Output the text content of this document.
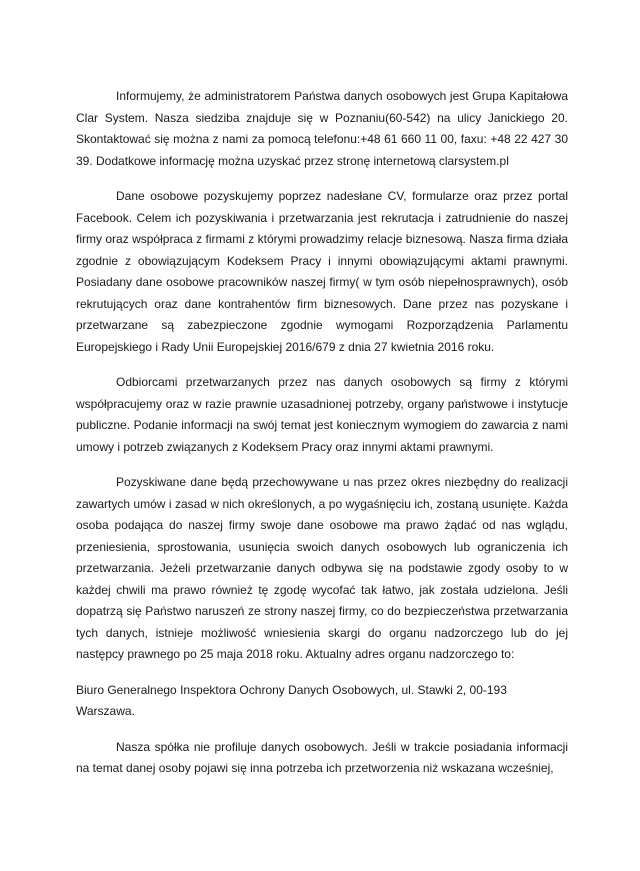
Informujemy, że administratorem Państwa danych osobowych jest Grupa Kapitałowa Clar System. Nasza siedziba znajduje się w Poznaniu(60-542) na ulicy Janickiego 20. Skontaktować się można z nami za pomocą telefonu:+48 61 660 11 00, faxu: +48 22 427 30 39. Dodatkowe informację można uzyskać przez stronę internetową clarsystem.pl

Dane osobowe pozyskujemy poprzez nadesłane CV, formularze oraz przez portal Facebook. Celem ich pozyskiwania i przetwarzania jest rekrutacja i zatrudnienie do naszej firmy oraz współpraca z firmami z którymi prowadzimy relacje biznesową. Nasza firma działa zgodnie z obowiązującym Kodeksem Pracy i innymi obowiązującymi aktami prawnymi. Posiadany dane osobowe pracowników naszej firmy( w tym osób niepełnosprawnych), osób rekrutujących oraz dane kontrahentów firm biznesowych. Dane przez nas pozyskane i przetwarzane są zabezpieczone zgodnie wymogami Rozporządzenia Parlamentu Europejskiego i Rady Unii Europejskiej 2016/679 z dnia 27 kwietnia 2016 roku.

Odbiorcami przetwarzanych przez nas danych osobowych są firmy z którymi współpracujemy oraz w razie prawnie uzasadnionej potrzeby, organy państwowe i instytucje publiczne. Podanie informacji na swój temat jest koniecznym wymogiem do zawarcia z nami umowy i potrzeb związanych z Kodeksem Pracy oraz innymi aktami prawnymi.

Pozyskiwane dane będą przechowywane u nas przez okres niezbędny do realizacji zawartych umów i zasad w nich określonych, a po wygaśnięciu ich, zostaną usunięte. Każda osoba podająca do naszej firmy swoje dane osobowe ma prawo żądać od nas wglądu, przeniesienia, sprostowania, usunięcia swoich danych osobowych lub ograniczenia ich przetwarzania. Jeżeli przetwarzanie danych odbywa się na podstawie zgody osoby to w każdej chwili ma prawo również tę zgodę wycofać tak łatwo, jak została udzielona. Jeśli dopatrzą się Państwo naruszeń ze strony naszej firmy, co do bezpieczeństwa przetwarzania tych danych, istnieje możliwość wniesienia skargi do organu nadzorczego lub do jej następcy prawnego po 25 maja 2018 roku. Aktualny adres organu nadzorczego to:

Biuro Generalnego Inspektora Ochrony Danych Osobowych, ul. Stawki 2, 00-193 Warszawa.

Nasza spółka nie profiluje danych osobowych. Jeśli w trakcie posiadania informacji na temat danej osoby pojawi się inna potrzeba ich przetworzenia niż wskazana wcześniej,
